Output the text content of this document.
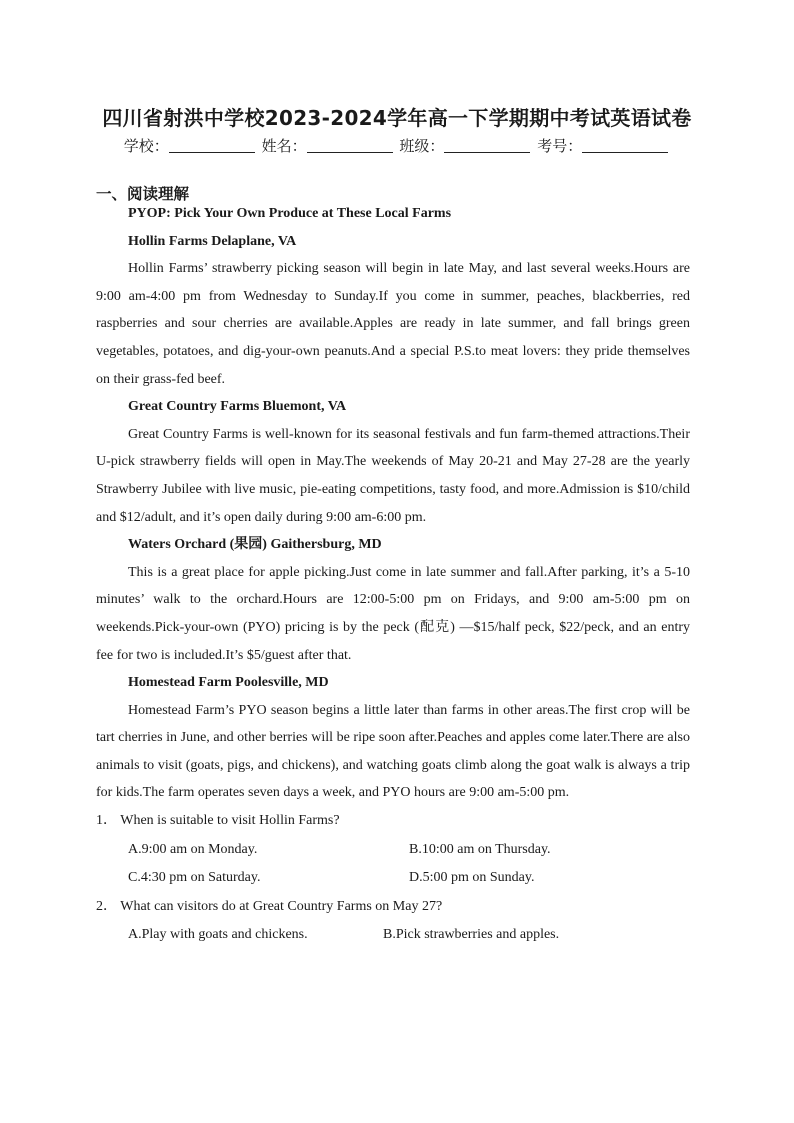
四川省射洪中学校2023-2024学年高一下学期期中考试英语试卷
学校：	姓名：	班级：	考号：
一、阅读理解

PYOP: Pick Your Own Produce at These Local Farms

Hollin Farms Delaplane, VA

Hollin Farms’ strawberry picking season will begin in late May, and last several weeks.Hours are 9:00 am-4:00 pm from Wednesday to Sunday.If you come in summer, peaches, blackberries, red raspberries and sour cherries are available.Apples are ready in late summer, and fall brings green vegetables, potatoes, and dig-your-own peanuts.And a special P.S.to meat lovers: they pride themselves on their grass-fed beef.

Great Country Farms Bluemont, VA

Great Country Farms is well-known for its seasonal festivals and fun farm-themed attractions.Their U-pick strawberry fields will open in May.The weekends of May 20-21 and May 27-28 are the yearly Strawberry Jubilee with live music, pie-eating competitions, tasty food, and more.Admission is $10/child and $12/adult, and it’s open daily during 9:00 am-6:00 pm.

Waters Orchard (果园) Gaithersburg, MD

This is a great place for apple picking.Just come in late summer and fall.After parking, it’s a 5-10 minutes’ walk to the orchard.Hours are 12:00-5:00 pm on Fridays, and 9:00 am-5:00 pm on weekends.Pick-your-own (PYO) pricing is by the peck (配克) —$15/half peck, $22/peck, and an entry fee for two is included.It’s $5/guest after that.

Homestead Farm Poolesville, MD

Homestead Farm’s PYO season begins a little later than farms in other areas.The first crop will be tart cherries in June, and other berries will be ripe soon after.Peaches and apples come later.There are also animals to visit (goats, pigs, and chickens), and watching goats climb along the goat walk is always a trip for kids.The farm operates seven days a week, and PYO hours are 9:00 am-5:00 pm.

1． When is suitable to visit Hollin Farms?

A.9:00 am on Monday.	B.10:00 am on Thursday.
C.4:30 pm on Saturday.	D.5:00 pm on Sunday.

2． What can visitors do at Great Country Farms on May 27?

A.Play with goats and chickens.	B.Pick strawberries and apples.
